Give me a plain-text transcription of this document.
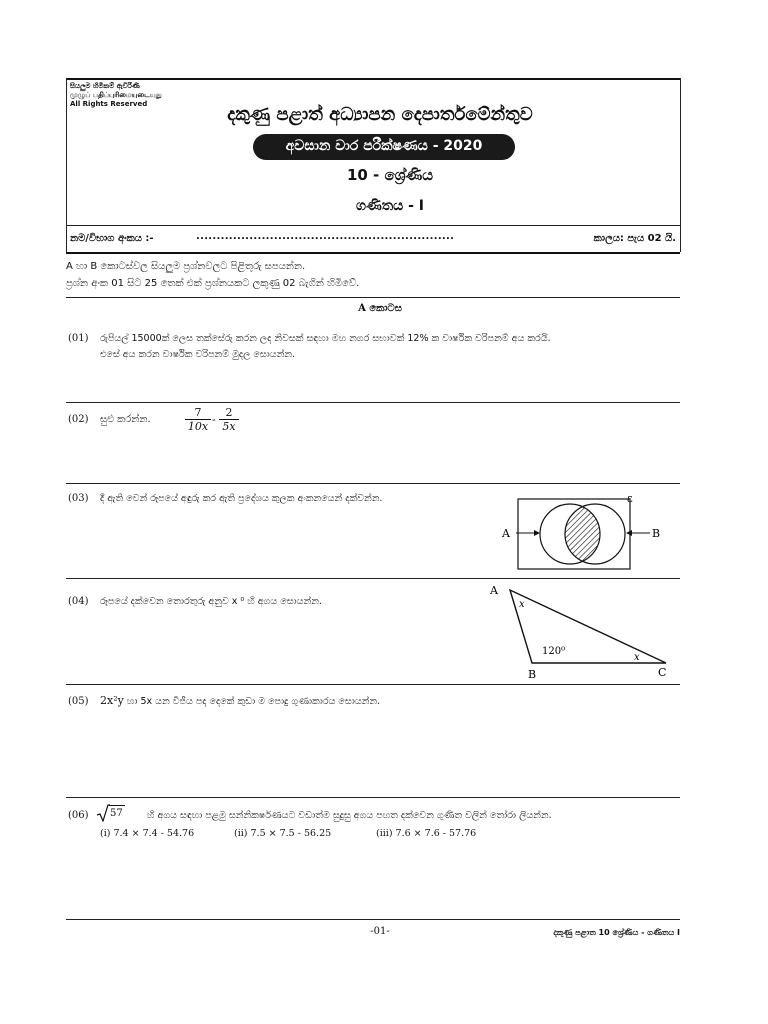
සියලුම හිමිකම් ඇවිරිණි
முழுப் பதிப்புரிமையுடையது
All Rights Reserved	දකුණු පළාත් අධ්‍යාපන දෙපාර්තමේන්තුව
අවසාන වාර පරීක්ෂණය - 2020
10 - ශ්‍රේණිය
ගණිතය - I
නම/විභාග අංකය :-	...............................................................	කාලය: පැය 02 යි.
A හා B කොටස්වල සියලුම ප්‍රශ්නවලට පිළිතුරු සපයන්න.
ප්‍රශ්න අංක 01 සිට 25 තෙක් එක් ප්‍රශ්නයකට ලකුණු 02 බැගින් හිමිවේ.
A කොටස
(01) රුපියල් 15000ක් ලෙස තක්සේරු කරන ලද නිවසක් සඳහා මහ නගර සභාවක් 12% ක වාර්ෂික වරිපනම් අය කරයි.
එසේ අය කරන වාර්ෂික වරිපනම් මුදල සොයන්න.
(02) සුළු කරන්න.	$\frac{7}{10x} - \frac{2}{5x}$
(03) දී ඇති වෙන් රූපයේ අඳුරු කර ඇති ප්‍රදේශය කුලක අංකනයෙන් දක්වන්න.
A	B
ε
(04) රූපයේ දක්වෙන තොරතුරු අනුව x ⁰ හි අගය සොයන්න.
A
B	C
x
120⁰
x
(05) 2x²y හා 5x යන වීජීය පද දෙකේ කුඩා ම පොදු ගුණාකාරය සොයන්න.
(06) 57	හි අගය සඳහා පළමු සන්නිකර්ෂණයට වඩාත්ම සුදුසු අගය පහත දක්වෙන ගුණිත වලින් තෝරා ලියන්න.
(i) 7.4 × 7.4 - 54.76	(ii) 7.5 × 7.5 - 56.25	(iii) 7.6 × 7.6 - 57.76
-01-	දකුණු පළාත 10 ශ්‍රේණිය - ගණිතය I
